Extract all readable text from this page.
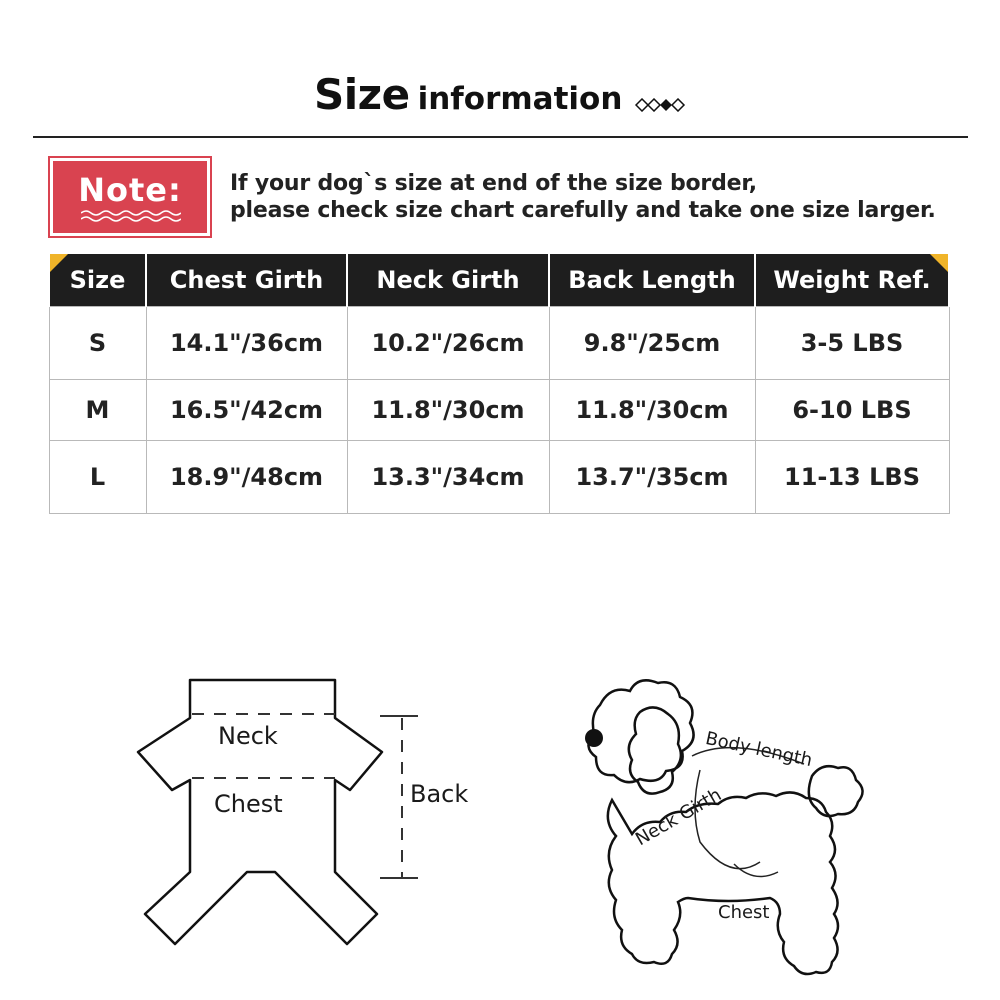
Size information
Note:	If your dog`s size at end of the size border,
please check size chart carefully and take one size larger.
Size	Chest Girth	Neck Girth	Back Length	Weight Ref.
S	14.1"/36cm	10.2"/26cm	9.8"/25cm	3-5 LBS
M	16.5"/42cm	11.8"/30cm	11.8"/30cm	6-10 LBS
L	18.9"/48cm	13.3"/34cm	13.7"/35cm	11-13 LBS
Neck
Chest	Back
Body length
Neck Girth
Chest
